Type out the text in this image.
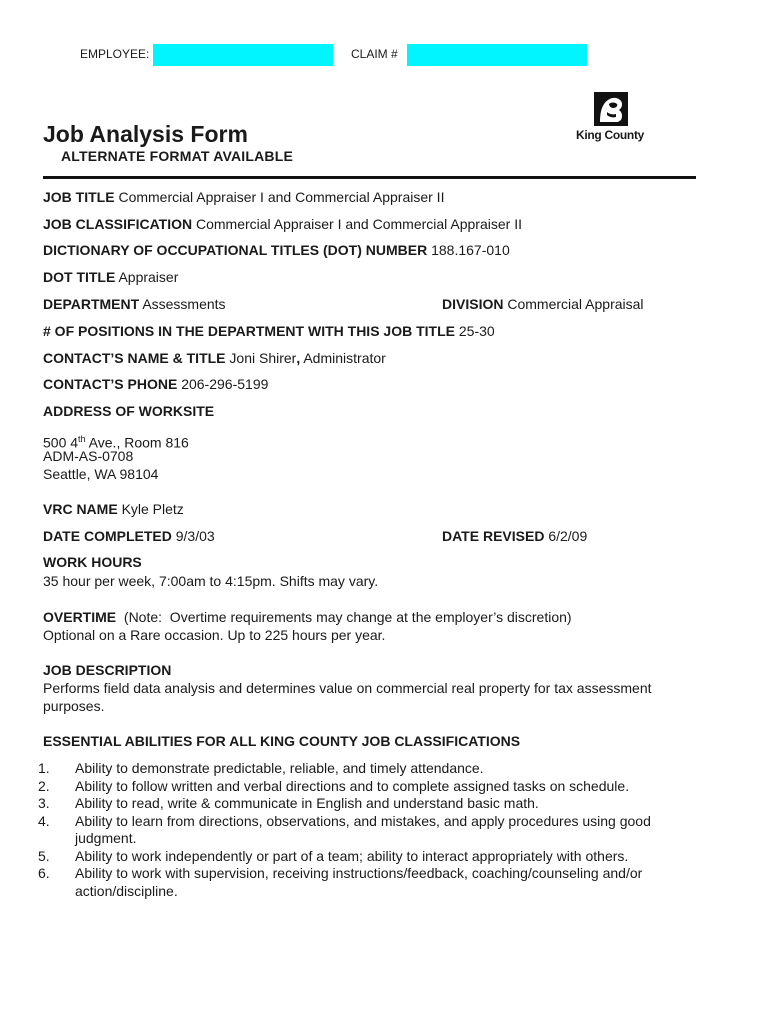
EMPLOYEE:	CLAIM #
King County
Job Analysis Form
ALTERNATE FORMAT AVAILABLE
JOB TITLE Commercial Appraiser I and Commercial Appraiser II
JOB CLASSIFICATION Commercial Appraiser I and Commercial Appraiser II
DICTIONARY OF OCCUPATIONAL TITLES (DOT) NUMBER 188.167-010
DOT TITLE Appraiser
DEPARTMENT Assessments	DIVISION Commercial Appraisal
# OF POSITIONS IN THE DEPARTMENT WITH THIS JOB TITLE 25-30
CONTACT’S NAME & TITLE Joni Shirer, Administrator
CONTACT’S PHONE 206-296-5199
ADDRESS OF WORKSITE
500 4th Ave., Room 816
ADM-AS-0708
Seattle, WA 98104
VRC NAME Kyle Pletz
DATE COMPLETED 9/3/03	DATE REVISED 6/2/09
WORK HOURS
35 hour per week, 7:00am to 4:15pm. Shifts may vary.
OVERTIME  (Note:  Overtime requirements may change at the employer’s discretion)
Optional on a Rare occasion. Up to 225 hours per year.
JOB DESCRIPTION
Performs field data analysis and determines value on commercial real property for tax assessment
purposes.
ESSENTIAL ABILITIES FOR ALL KING COUNTY JOB CLASSIFICATIONS
1.	Ability to demonstrate predictable, reliable, and timely attendance.
2.	Ability to follow written and verbal directions and to complete assigned tasks on schedule.
3.	Ability to read, write & communicate in English and understand basic math.
4.	Ability to learn from directions, observations, and mistakes, and apply procedures using good judgment.
5.	Ability to work independently or part of a team; ability to interact appropriately with others.
6.	Ability to work with supervision, receiving instructions/feedback, coaching/counseling and/or action/discipline.
